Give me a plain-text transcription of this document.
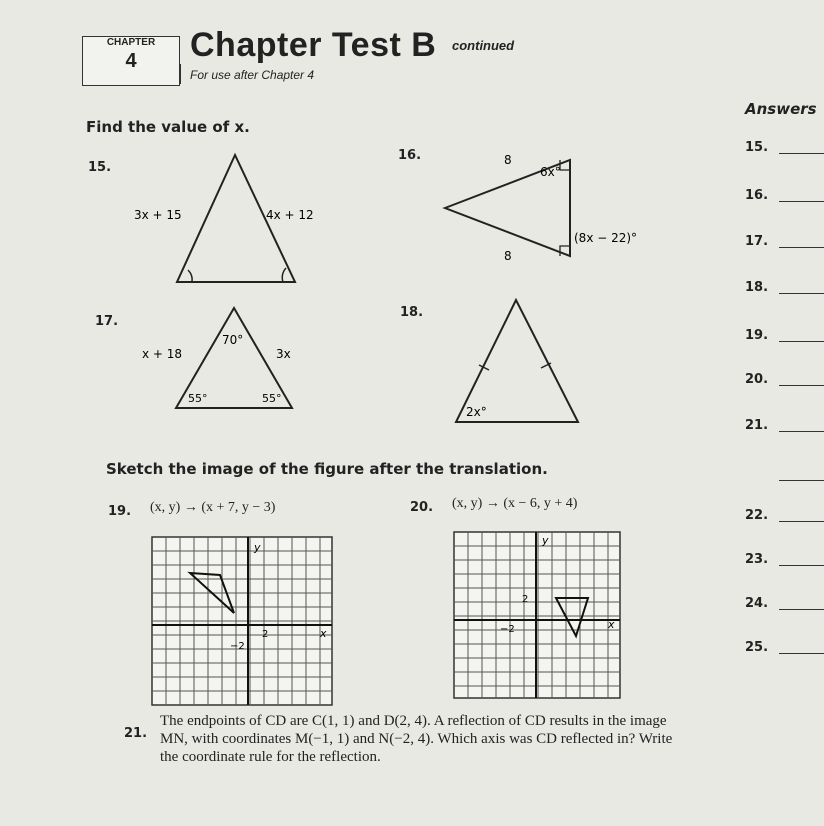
CHAPTER
4	Chapter Test B continued
For use after Chapter 4
Find the value of x.
15.
3x + 15	4x + 12
16.	8
8
6x°
(8x − 22)°
17.
70°
x + 18	3x
55°	55°
18.
2x°
Sketch the image of the figure after the translation.
19. (x, y) → (x + 7, y − 3)	20. (x, y) → (x − 6, y + 4)
y
x
2
−2
y
x
2
−2
21.
The endpoints of CD are C(1, 1) and D(2, 4). A reflection of CD results in the image MN, with coordinates M(−1, 1) and N(−2, 4). Which axis was CD reflected in? Write the coordinate rule for the reflection.
Answers
15.
16.
17.
18.
19.
20.
21.
22.
23.
24.
25.
